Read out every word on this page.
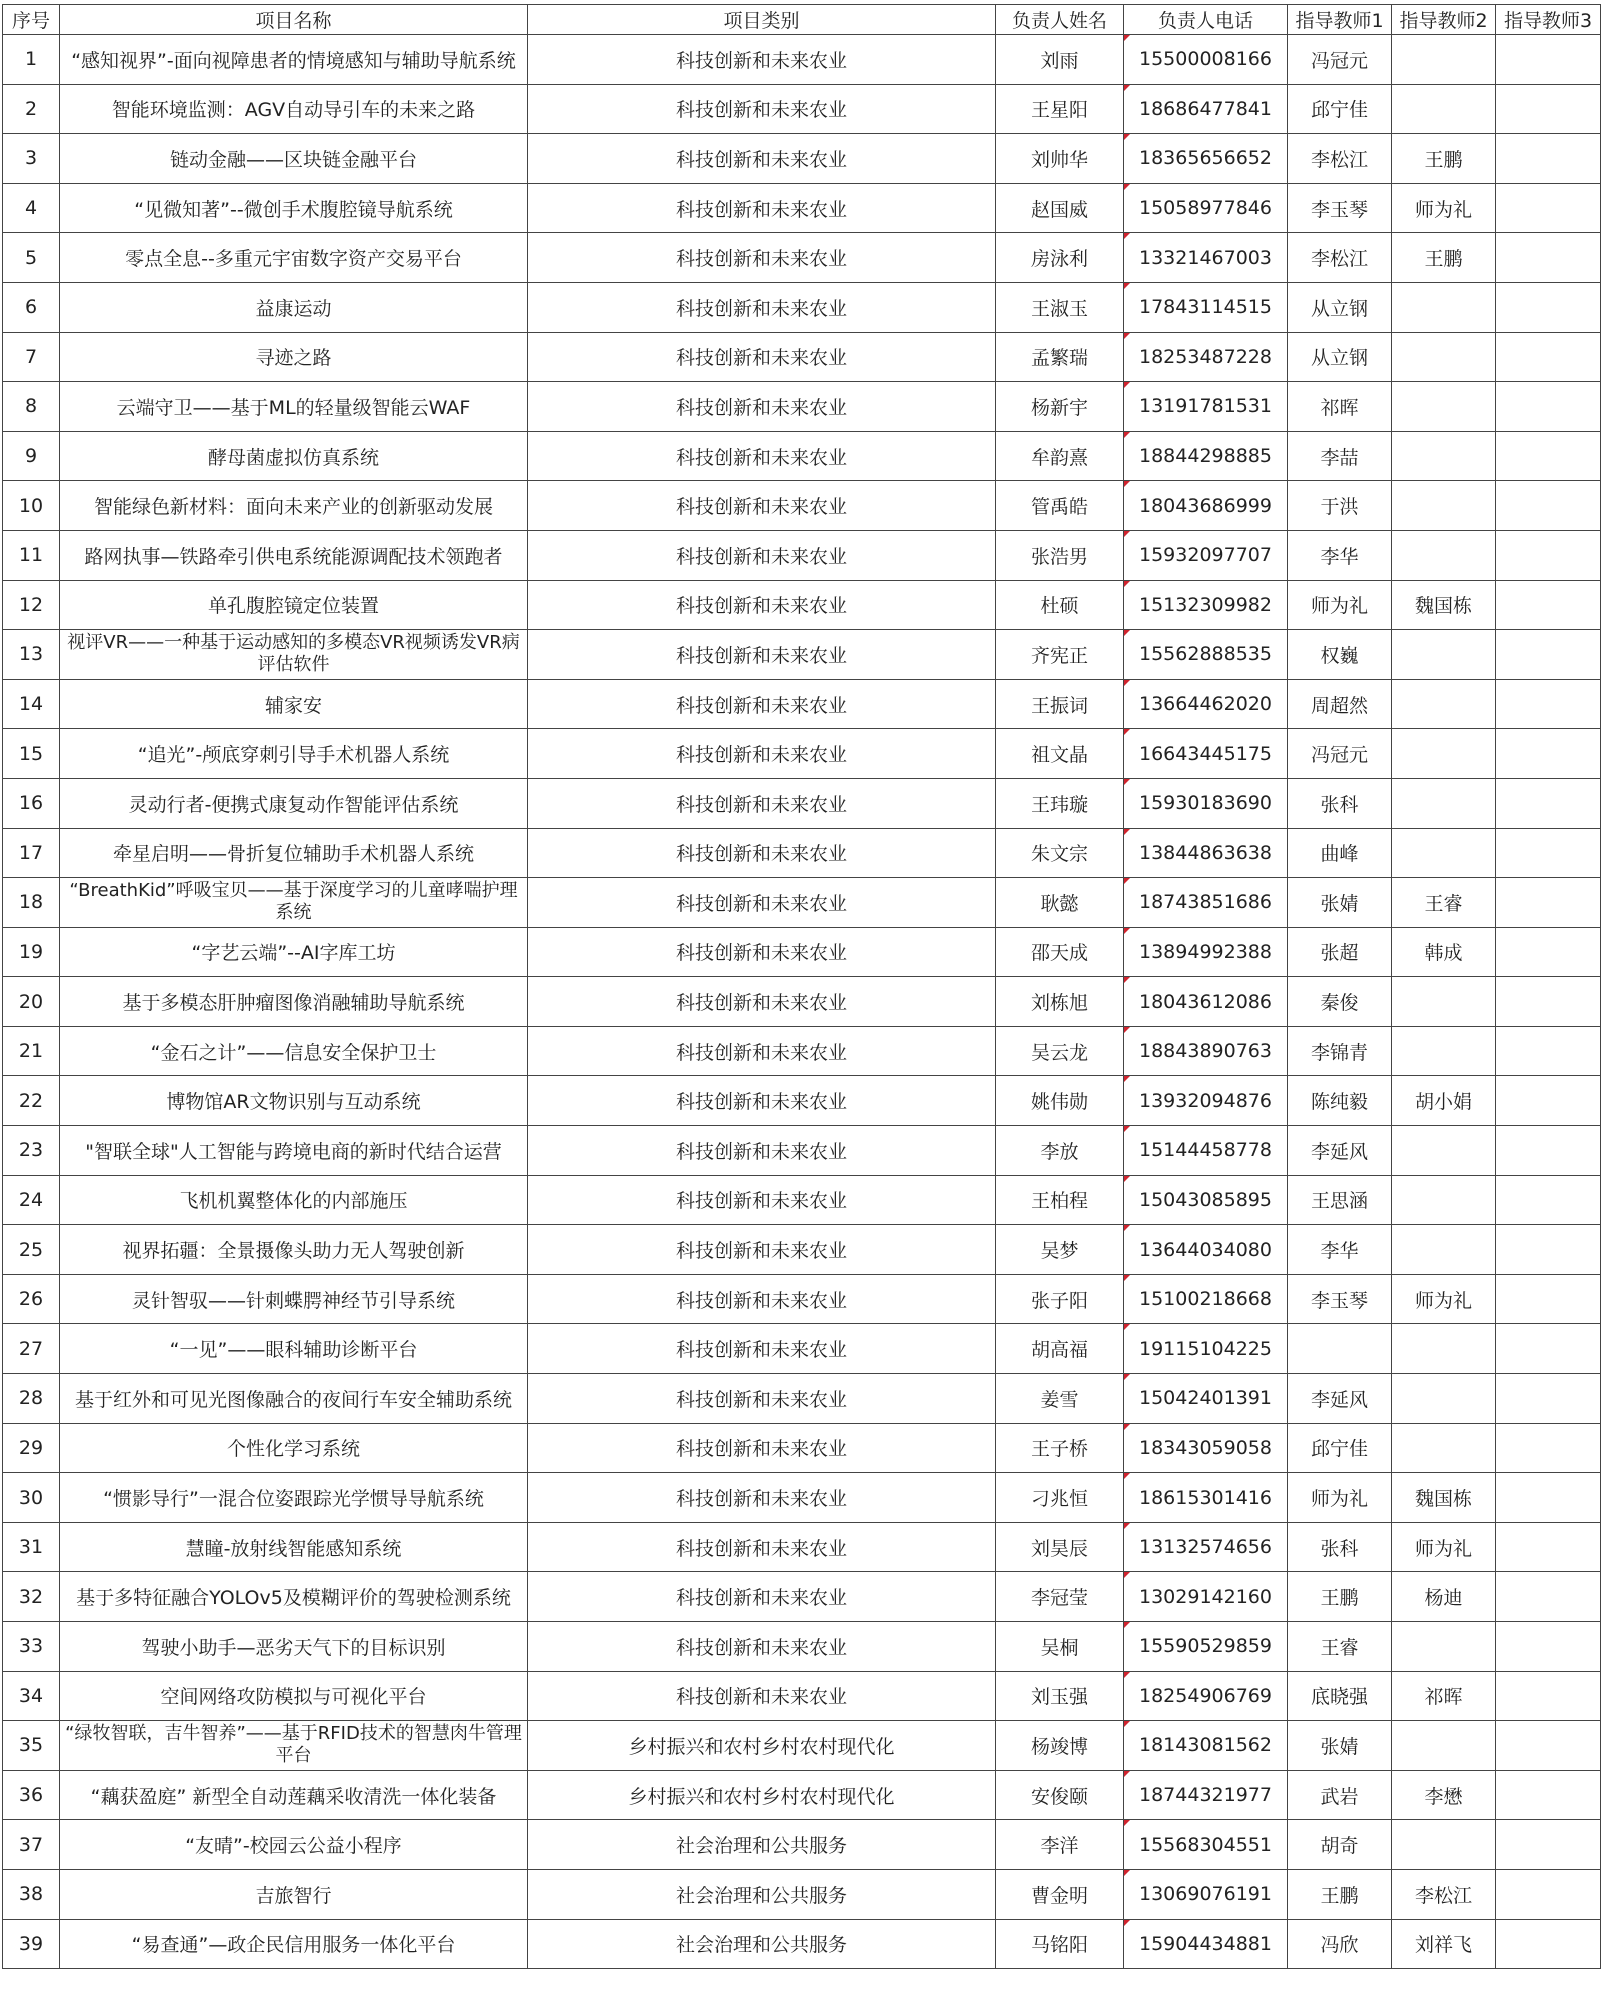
序号	项目名称	项目类别	负责人姓名	负责人电话	指导教师1	指导教师2	指导教师3
1	“感知视界”-面向视障患者的情境感知与辅助导航系统	科技创新和未来农业	刘雨	15500008166	冯冠元		
2	智能环境监测：AGV自动导引车的未来之路	科技创新和未来农业	王星阳	18686477841	邱宁佳		
3	链动金融——区块链金融平台	科技创新和未来农业	刘帅华	18365656652	李松江	王鹏	
4	“见微知著”--微创手术腹腔镜导航系统	科技创新和未来农业	赵国威	15058977846	李玉琴	师为礼	
5	零点全息--多重元宇宙数字资产交易平台	科技创新和未来农业	房泳利	13321467003	李松江	王鹏	
6	益康运动	科技创新和未来农业	王淑玉	17843114515	从立钢		
7	寻迹之路	科技创新和未来农业	孟繁瑞	18253487228	从立钢		
8	云端守卫——基于ML的轻量级智能云WAF	科技创新和未来农业	杨新宇	13191781531	祁晖		
9	酵母菌虚拟仿真系统	科技创新和未来农业	牟韵熹	18844298885	李喆		
10	智能绿色新材料：面向未来产业的创新驱动发展	科技创新和未来农业	管禹皓	18043686999	于洪		
11	路网执事—铁路牵引供电系统能源调配技术领跑者	科技创新和未来农业	张浩男	15932097707	李华		
12	单孔腹腔镜定位装置	科技创新和未来农业	杜硕	15132309982	师为礼	魏国栋	
13	视评VR——一种基于运动感知的多模态VR视频诱发VR病评估软件	科技创新和未来农业	齐宪正	15562888535	权巍		
14	辅家安	科技创新和未来农业	王振词	13664462020	周超然		
15	“追光”-颅底穿刺引导手术机器人系统	科技创新和未来农业	祖文晶	16643445175	冯冠元		
16	灵动行者-便携式康复动作智能评估系统	科技创新和未来农业	王玮璇	15930183690	张科		
17	牵星启明——骨折复位辅助手术机器人系统	科技创新和未来农业	朱文宗	13844863638	曲峰		
18	“BreathKid”呼吸宝贝——基于深度学习的儿童哮喘护理系统	科技创新和未来农业	耿懿	18743851686	张婧	王睿	
19	“字艺云端”--AI字库工坊	科技创新和未来农业	邵天成	13894992388	张超	韩成	
20	基于多模态肝肿瘤图像消融辅助导航系统	科技创新和未来农业	刘栋旭	18043612086	秦俊		
21	“金石之计”——信息安全保护卫士	科技创新和未来农业	吴云龙	18843890763	李锦青		
22	博物馆AR文物识别与互动系统	科技创新和未来农业	姚伟勋	13932094876	陈纯毅	胡小娟	
23	"智联全球"人工智能与跨境电商的新时代结合运营	科技创新和未来农业	李放	15144458778	李延风		
24	飞机机翼整体化的内部施压	科技创新和未来农业	王柏程	15043085895	王思涵		
25	视界拓疆：全景摄像头助力无人驾驶创新	科技创新和未来农业	吴梦	13644034080	李华		
26	灵针智驭——针刺蝶腭神经节引导系统	科技创新和未来农业	张子阳	15100218668	李玉琴	师为礼	
27	“一见”——眼科辅助诊断平台	科技创新和未来农业	胡高福	19115104225			
28	基于红外和可见光图像融合的夜间行车安全辅助系统	科技创新和未来农业	姜雪	15042401391	李延风		
29	个性化学习系统	科技创新和未来农业	王子桥	18343059058	邱宁佳		
30	“惯影导行”一混合位姿跟踪光学惯导导航系统	科技创新和未来农业	刁兆恒	18615301416	师为礼	魏国栋	
31	慧瞳-放射线智能感知系统	科技创新和未来农业	刘昊辰	13132574656	张科	师为礼	
32	基于多特征融合YOLOv5及模糊评价的驾驶检测系统	科技创新和未来农业	李冠莹	13029142160	王鹏	杨迪	
33	驾驶小助手—恶劣天气下的目标识别	科技创新和未来农业	吴桐	15590529859	王睿		
34	空间网络攻防模拟与可视化平台	科技创新和未来农业	刘玉强	18254906769	底晓强	祁晖	
35	“绿牧智联，吉牛智养”——基于RFID技术的智慧肉牛管理平台	乡村振兴和农村乡村农村现代化	杨竣博	18143081562	张婧		
36	“藕获盈庭” 新型全自动莲藕采收清洗一体化装备	乡村振兴和农村乡村农村现代化	安俊颐	18744321977	武岩	李懋	
37	“友晴”-校园云公益小程序	社会治理和公共服务	李洋	15568304551	胡奇		
38	吉旅智行	社会治理和公共服务	曹金明	13069076191	王鹏	李松江	
39	“易查通”—政企民信用服务一体化平台	社会治理和公共服务	马铭阳	15904434881	冯欣	刘祥飞	
